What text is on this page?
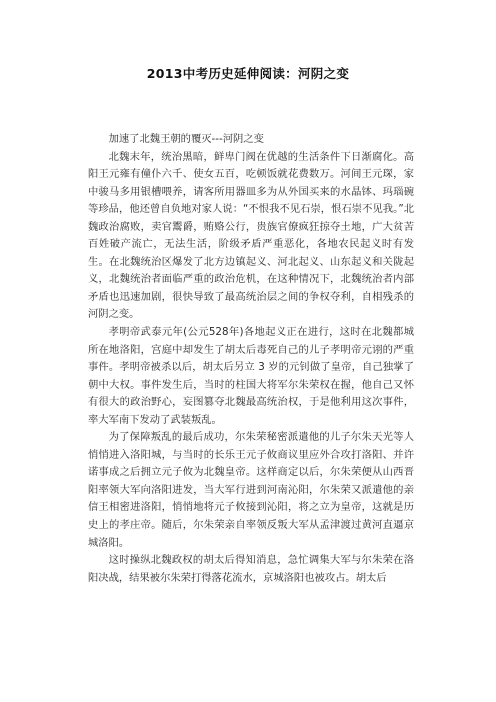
2013中考历史延伸阅读：河阴之变

加速了北魏王朝的覆灭---河阴之变

北魏末年，统治黑暗，鲜卑门阀在优越的生活条件下日渐腐化。高阳王元雍有僮仆六千、使女五百，吃顿饭就花费数万。河间王元琛，家中骏马多用银槽喂养，请客所用器皿多为从外国买来的水晶钵、玛瑙碗等珍品，他还曾自负地对家人说：“不恨我不见石崇，恨石崇不见我。”北魏政治腐败，卖官鬻爵，贿赂公行，贵族官僚疯狂掠夺土地，广大贫苦百姓破产流亡，无法生活，阶级矛盾严重恶化，各地农民起义时有发生。在北魏统治区爆发了北方边镇起义、河北起义、山东起义和关陇起义，北魏统治者面临严重的政治危机，在这种情况下，北魏统治者内部矛盾也迅速加剧，很快导致了最高统治层之间的争权夺利，自相残杀的河阴之变。

孝明帝武泰元年(公元528年)各地起义正在进行，这时在北魏都城所在地洛阳，宫庭中却发生了胡太后毒死自己的儿子孝明帝元诩的严重事件。孝明帝被杀以后，胡太后另立 3 岁的元钊做了皇帝，自己独掌了朝中大权。事件发生后，当时的柱国大将军尔朱荣权在握，他自己又怀有很大的政治野心，妄图篡夺北魏最高统治权，于是他利用这次事件，率大军南下发动了武装叛乱。

为了保障叛乱的最后成功，尔朱荣秘密派遣他的儿子尔朱天光等人悄悄进入洛阳城，与当时的长乐王元子攸商议里应外合攻打洛阳、并许诺事成之后拥立元子攸为北魏皇帝。这样商定以后，尔朱荣便从山西晋阳率领大军向洛阳进发，当大军行进到河南沁阳，尔朱荣又派遣他的亲信王相密进洛阳，悄悄地将元子攸接到沁阳，将之立为皇帝，这就是历史上的孝庄帝。随后，尔朱荣亲自率领反叛大军从孟津渡过黄河直逼京城洛阳。

这时操纵北魏政权的胡太后得知消息，急忙调集大军与尔朱荣在洛阳决战，结果被尔朱荣打得落花流水，京城洛阳也被攻占。胡太后
